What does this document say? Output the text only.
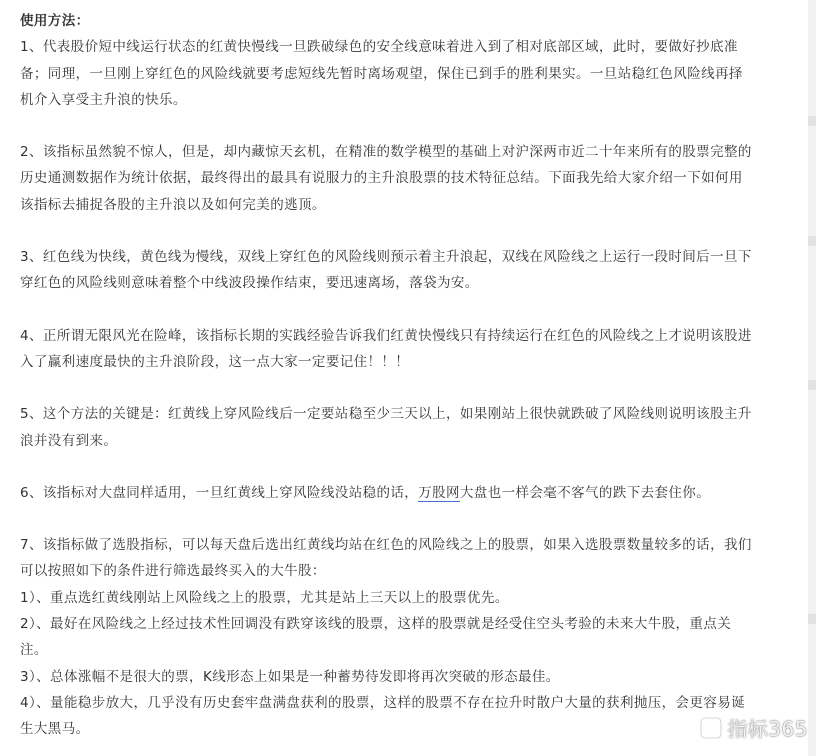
使用方法：

1、代表股价短中线运行状态的红黄快慢线一旦跌破绿色的安全线意味着进入到了相对底部区域，此时，要做好抄底准
备；同理，一旦刚上穿红色的风险线就要考虑短线先暂时离场观望，保住已到手的胜利果实。一旦站稳红色风险线再择
机介入享受主升浪的快乐。

2、该指标虽然貌不惊人，但是，却内藏惊天玄机，在精准的数学模型的基础上对沪深两市近二十年来所有的股票完整的
历史通测数据作为统计依据，最终得出的最具有说服力的主升浪股票的技术特征总结。下面我先给大家介绍一下如何用
该指标去捕捉各股的主升浪以及如何完美的逃顶。

3、红色线为快线，黄色线为慢线，双线上穿红色的风险线则预示着主升浪起，双线在风险线之上运行一段时间后一旦下
穿红色的风险线则意味着整个中线波段操作结束，要迅速离场，落袋为安。

4、正所谓无限风光在险峰，该指标长期的实践经验告诉我们红黄快慢线只有持续运行在红色的风险线之上才说明该股进
入了赢利速度最快的主升浪阶段，这一点大家一定要记住！！！

5、这个方法的关键是：红黄线上穿风险线后一定要站稳至少三天以上，如果刚站上很快就跌破了风险线则说明该股主升
浪并没有到来。

6、该指标对大盘同样适用，一旦红黄线上穿风险线没站稳的话，万股网大盘也一样会毫不客气的跌下去套住你。

7、该指标做了选股指标，可以每天盘后选出红黄线均站在红色的风险线之上的股票，如果入选股票数量较多的话，我们
可以按照如下的条件进行筛选最终买入的大牛股：

1）、重点选红黄线刚站上风险线之上的股票，尤其是站上三天以上的股票优先。
2）、最好在风险线之上经过技术性回调没有跌穿该线的股票，这样的股票就是经受住空头考验的未来大牛股，重点关
注。
3）、总体涨幅不是很大的票，K线形态上如果是一种蓄势待发即将再次突破的形态最佳。
4）、量能稳步放大，几乎没有历史套牢盘满盘获利的股票，这样的股票不存在拉升时散户大量的获利抛压，会更容易诞
生大黑马。	指标365
